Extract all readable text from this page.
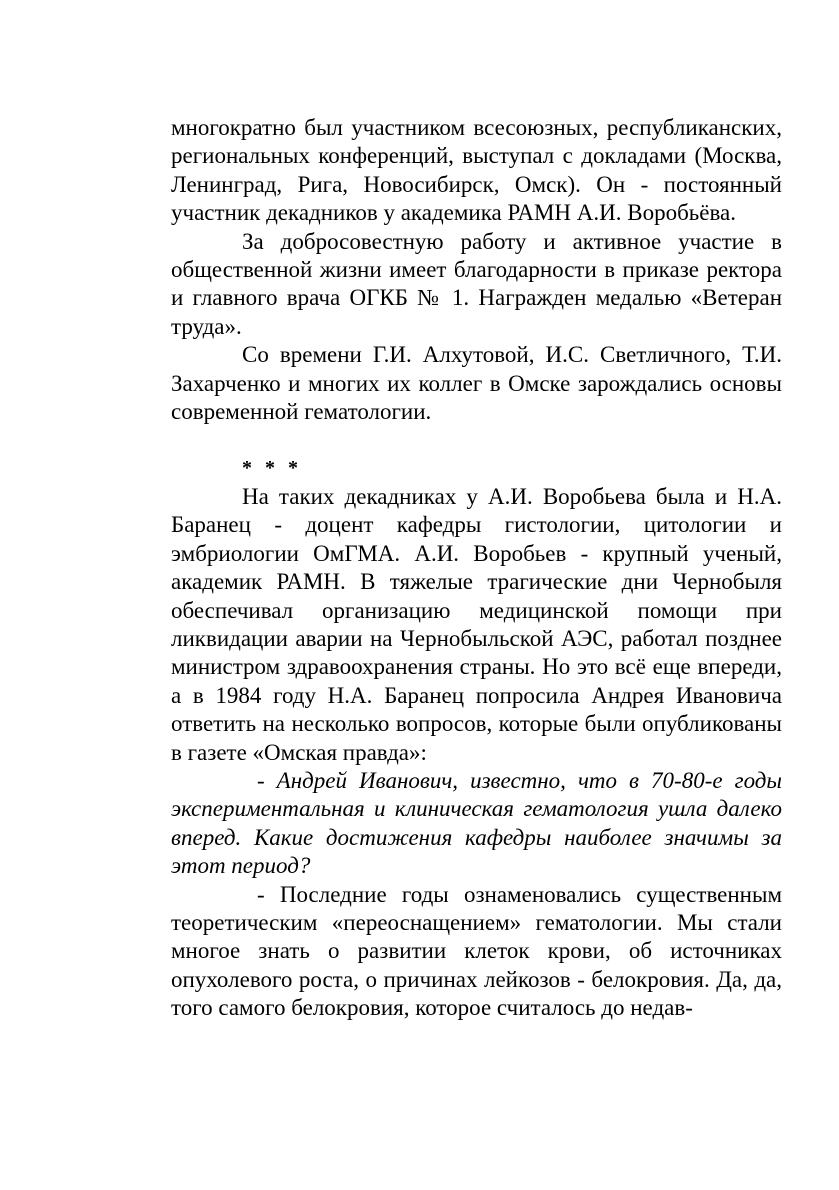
многократно был участником всесоюзных, республиканских, региональных конференций, выступал с докладами (Москва, Ленинград, Рига, Новосибирск, Омск). Он - постоянный участник декадников у академика РАМН А.И. Воробьёва.

За добросовестную работу и активное участие в общественной жизни имеет благодарности в приказе ректора и главного врача ОГКБ № 1. Награжден медалью «Ветеран труда».

Со времени Г.И. Алхутовой, И.С. Светличного, Т.И. Захарченко и многих их коллег в Омске зарождались основы современной гематологии.

* * *

На таких декадниках у А.И. Воробьева была и Н.А. Баранец - доцент кафедры гистологии, цитологии и эмбриологии ОмГМА. А.И. Воробьев - крупный ученый, академик РАМН. В тяжелые трагические дни Чернобыля обеспечивал организацию медицинской помощи при ликвидации аварии на Чернобыльской АЭС, работал позднее министром здравоохранения страны. Но это всё еще впереди, а в 1984 году Н.А. Баранец попросила Андрея Ивановича ответить на несколько вопросов, которые были опубликованы в газете «Омская правда»:

- Андрей Иванович, известно, что в 70-80-е годы экспериментальная и клиническая гематология ушла далеко вперед. Какие достижения кафедры наиболее значимы за этот период?

- Последние годы ознаменовались существенным теоретическим «переоснащением» гематологии. Мы стали многое знать о развитии клеток крови, об источниках опухолевого роста, о причинах лейкозов - белокровия. Да, да, того самого белокровия, которое считалось до недав-
